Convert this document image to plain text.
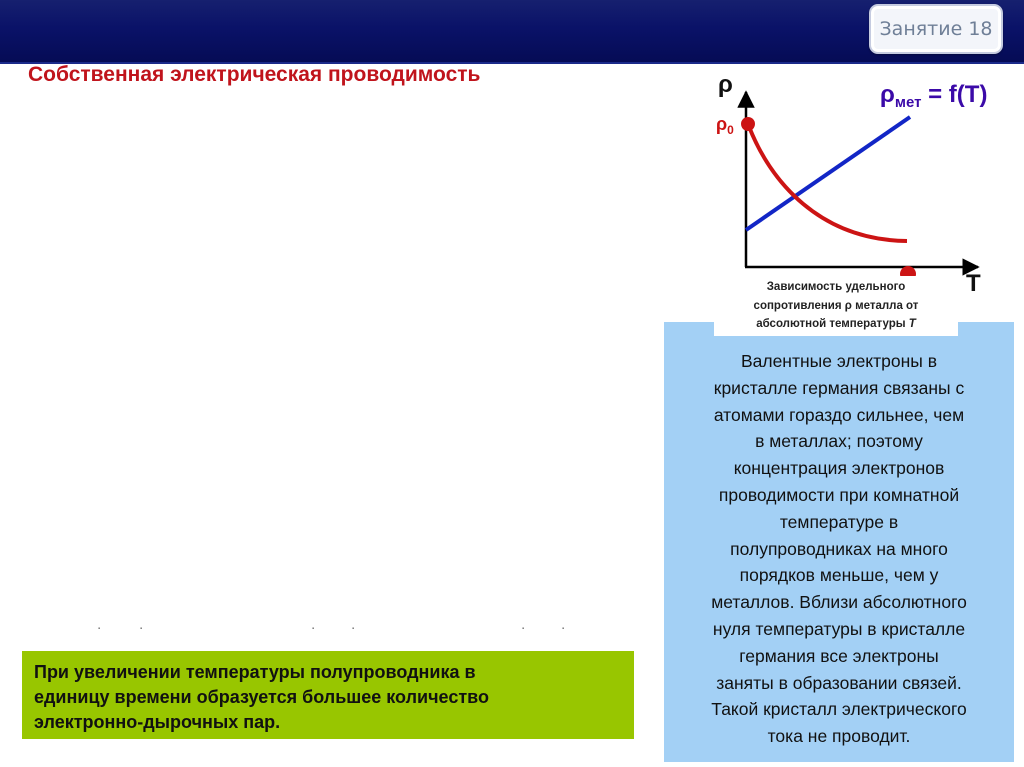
Занятие 18
Собственная электрическая проводимость
▪	▪	▪	▪	▪	▪
ρ
T
$\rho_0$
$\rho_{мет} = f(T)$
Валентные электроны в
кристалле германия связаны с
атомами гораздо сильнее, чем
в металлах; поэтому
концентрация электронов
проводимости при комнатной
температуре в
полупроводниках на много
порядков меньше, чем у
металлов. Вблизи абсолютного
нуля температуры в кристалле
германия все электроны
заняты в образовании связей.
Такой кристалл электрического
тока не проводит.
Зависимость удельного
сопротивления ρ металла от
абсолютной температуры T
При увеличении температуры полупроводника в
единицу времени образуется большее количество
электронно-дырочных пар.
